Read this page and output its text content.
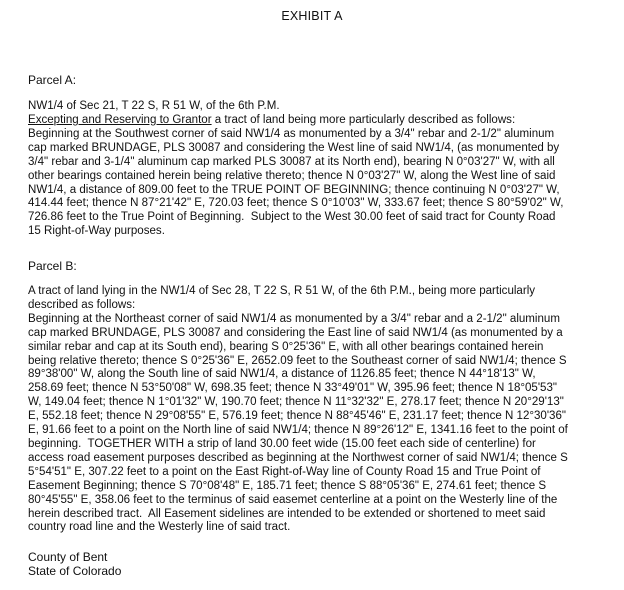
EXHIBIT A
Parcel A:
NW1/4 of Sec 21, T 22 S, R 51 W, of the 6th P.M.

Excepting and Reserving to Grantor a tract of land being more particularly described as follows:
Beginning at the Southwest corner of said NW1/4 as monumented by a 3/4" rebar and 2-1/2" aluminum
cap marked BRUNDAGE, PLS 30087 and considering the West line of said NW1/4, (as monumented by
3/4" rebar and 3-1/4" aluminum cap marked PLS 30087 at its North end), bearing N 0°03'27" W, with all
other bearings contained herein being relative thereto; thence N 0°03'27" W, along the West line of said
NW1/4, a distance of 809.00 feet to the TRUE POINT OF BEGINNING; thence continuing N 0°03'27" W,
414.44 feet; thence N 87°21'42" E, 720.03 feet; thence S 0°10'03" W, 333.67 feet; thence S 80°59'02" W,
726.86 feet to the True Point of Beginning.  Subject to the West 30.00 feet of said tract for County Road
15 Right-of-Way purposes.

Parcel B:

A tract of land lying in the NW1/4 of Sec 28, T 22 S, R 51 W, of the 6th P.M., being more particularly
described as follows:
Beginning at the Northeast corner of said NW1/4 as monumented by a 3/4" rebar and a 2-1/2" aluminum
cap marked BRUNDAGE, PLS 30087 and considering the East line of said NW1/4 (as monumented by a
similar rebar and cap at its South end), bearing S 0°25'36" E, with all other bearings contained herein
being relative thereto; thence S 0°25'36" E, 2652.09 feet to the Southeast corner of said NW1/4; thence S
89°38'00" W, along the South line of said NW1/4, a distance of 1126.85 feet; thence N 44°18'13" W,
258.69 feet; thence N 53°50'08" W, 698.35 feet; thence N 33°49'01" W, 395.96 feet; thence N 18°05'53"
W, 149.04 feet; thence N 1°01'32" W, 190.70 feet; thence N 11°32'32" E, 278.17 feet; thence N 20°29'13"
E, 552.18 feet; thence N 29°08'55" E, 576.19 feet; thence N 88°45'46" E, 231.17 feet; thence N 12°30'36"
E, 91.66 feet to a point on the North line of said NW1/4; thence N 89°26'12" E, 1341.16 feet to the point of
beginning.  TOGETHER WITH a strip of land 30.00 feet wide (15.00 feet each side of centerline) for
access road easement purposes described as beginning at the Northwest corner of said NW1/4; thence S
5°54'51" E, 307.22 feet to a point on the East Right-of-Way line of County Road 15 and True Point of
Easement Beginning; thence S 70°08'48" E, 185.71 feet; thence S 88°05'36" E, 274.61 feet; thence S
80°45'55" E, 358.06 feet to the terminus of said easemet centerline at a point on the Westerly line of the
herein described tract.  All Easement sidelines are intended to be extended or shortened to meet said
country road line and the Westerly line of said tract.

County of Bent
State of Colorado
